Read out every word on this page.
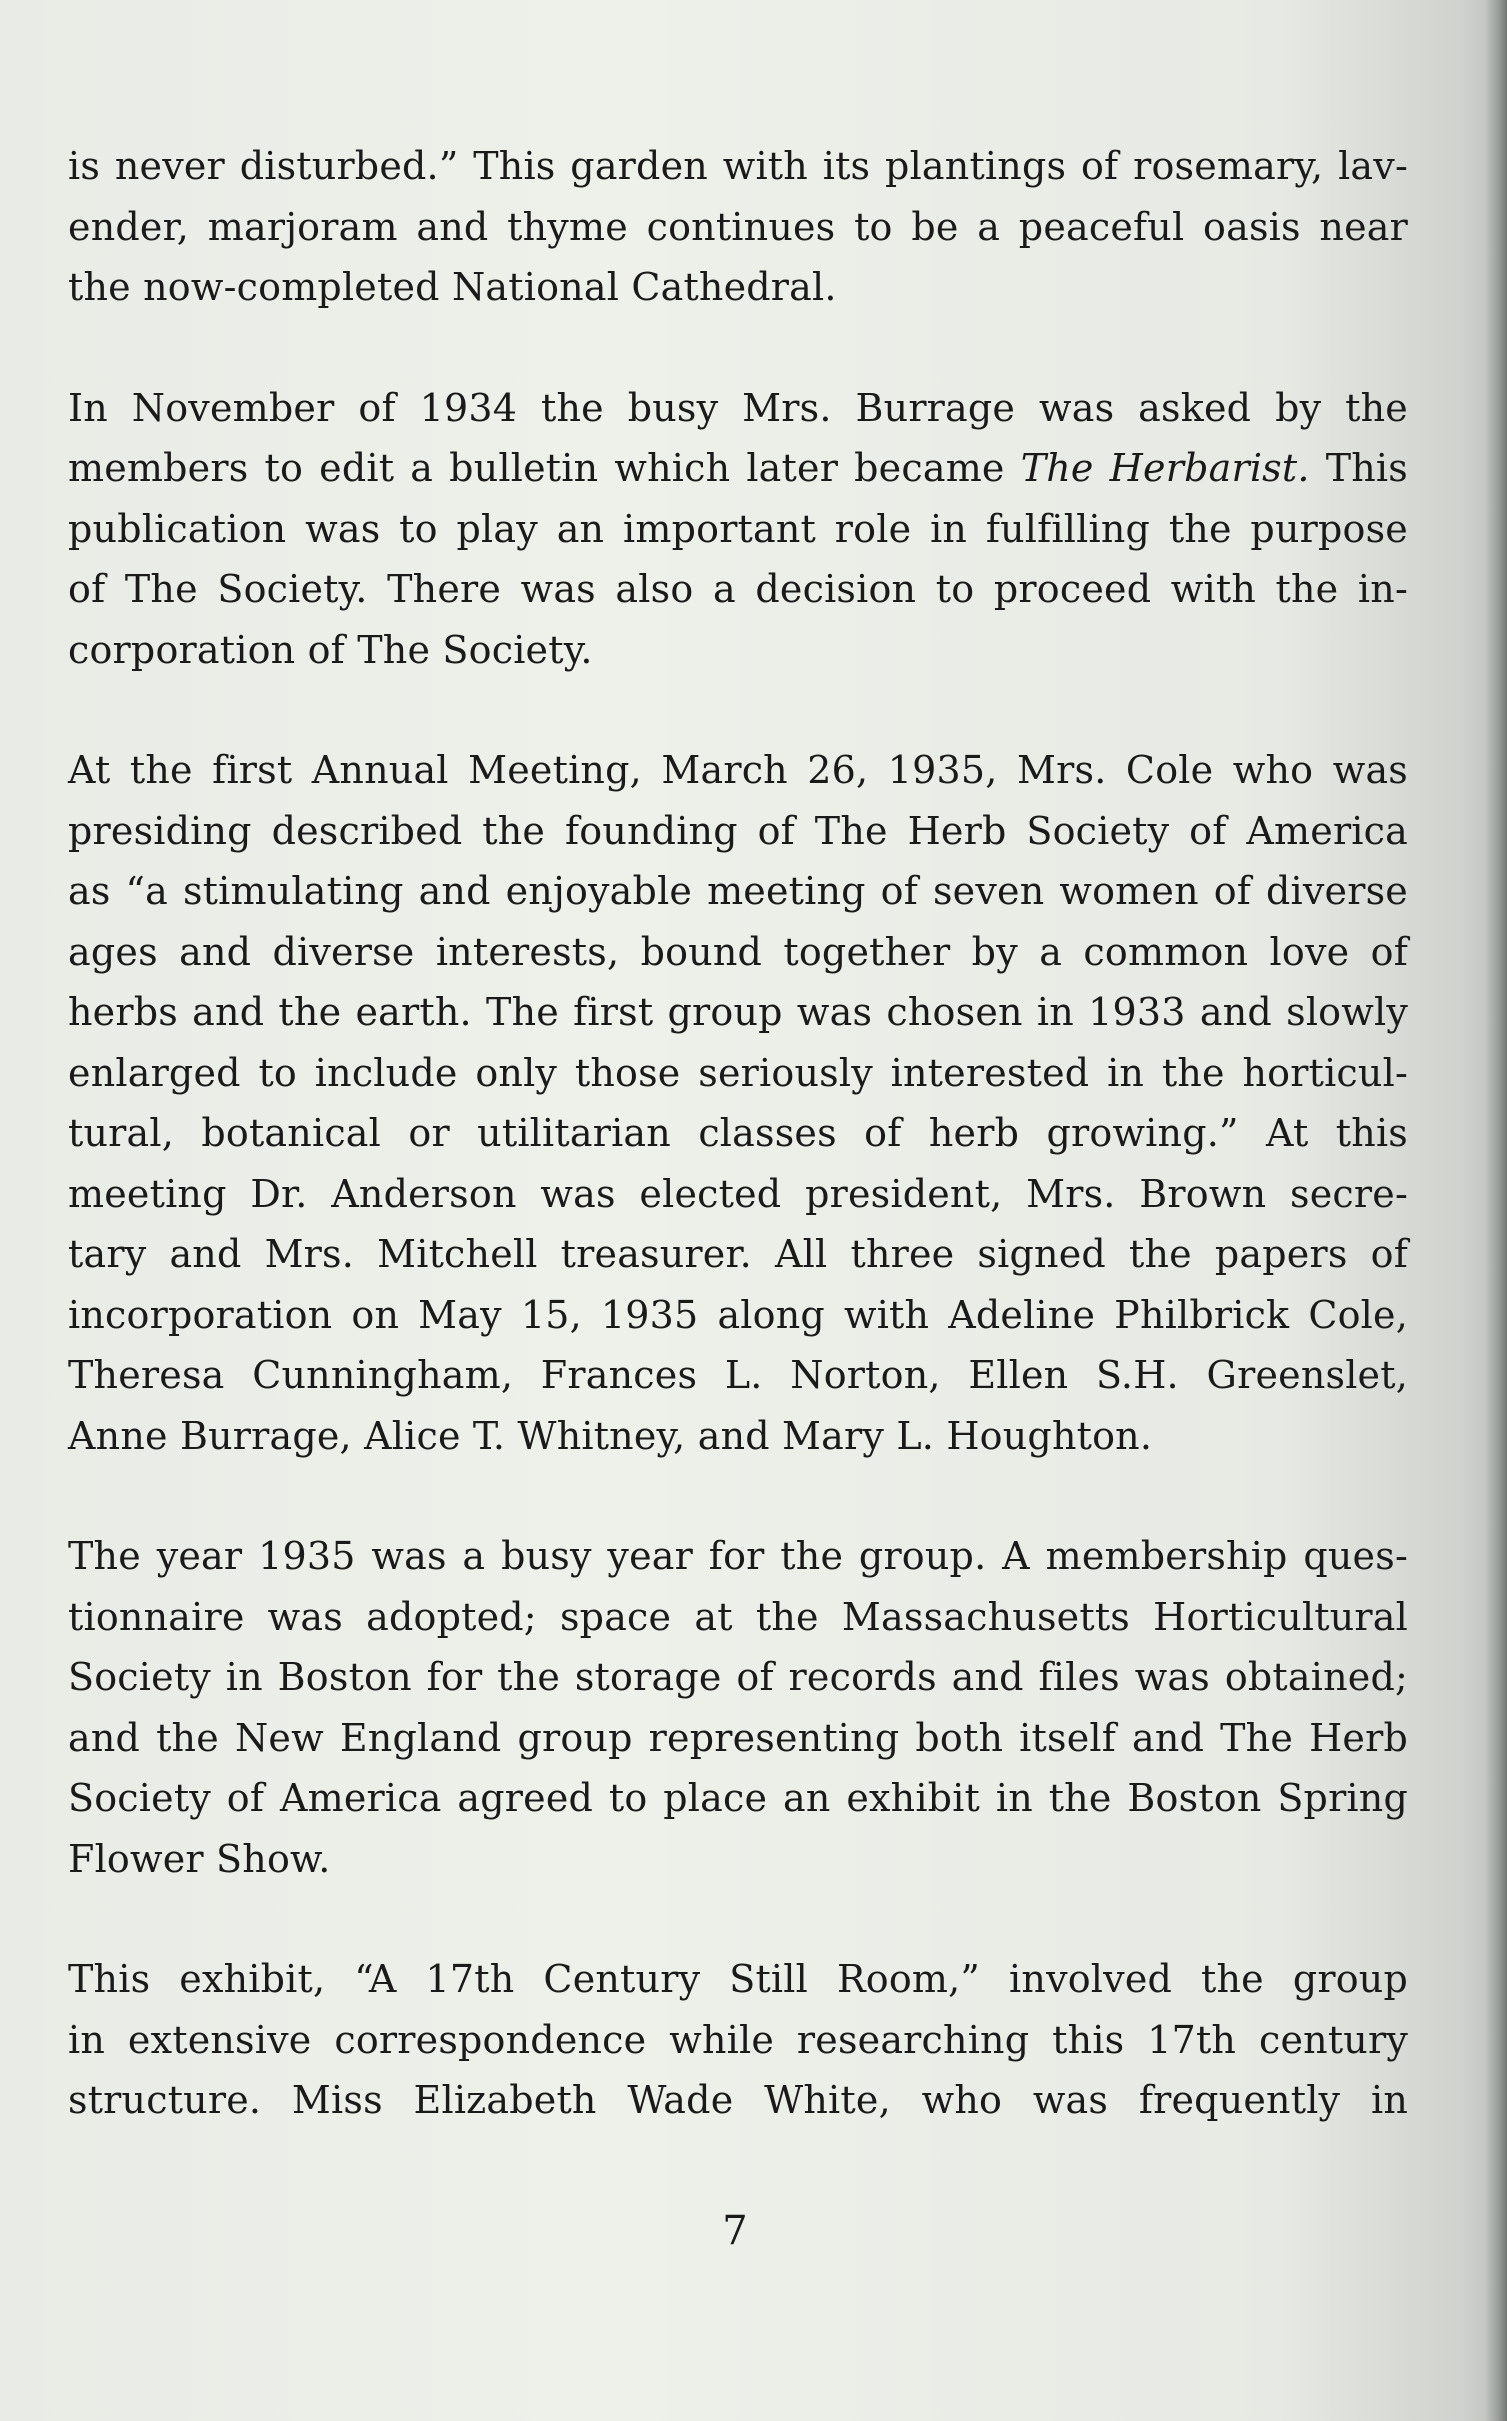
is never disturbed.” This garden with its plantings of rosemary, lav-
ender, marjoram and thyme continues to be a peaceful oasis near
the now-completed National Cathedral.

In November of 1934 the busy Mrs. Burrage was asked by the
members to edit a bulletin which later became The Herbarist. This
publication was to play an important role in fulfilling the purpose
of The Society. There was also a decision to proceed with the in-
corporation of The Society.

At the first Annual Meeting, March 26, 1935, Mrs. Cole who was
presiding described the founding of The Herb Society of America
as “a stimulating and enjoyable meeting of seven women of diverse
ages and diverse interests, bound together by a common love of
herbs and the earth. The first group was chosen in 1933 and slowly
enlarged to include only those seriously interested in the horticul-
tural, botanical or utilitarian classes of herb growing.” At this
meeting Dr. Anderson was elected president, Mrs. Brown secre-
tary and Mrs. Mitchell treasurer. All three signed the papers of
incorporation on May 15, 1935 along with Adeline Philbrick Cole,
Theresa Cunningham, Frances L. Norton, Ellen S.H. Greenslet,
Anne Burrage, Alice T. Whitney, and Mary L. Houghton.

The year 1935 was a busy year for the group. A membership ques-
tionnaire was adopted; space at the Massachusetts Horticultural
Society in Boston for the storage of records and files was obtained;
and the New England group representing both itself and The Herb
Society of America agreed to place an exhibit in the Boston Spring
Flower Show.

This exhibit, “A 17th Century Still Room,” involved the group
in extensive correspondence while researching this 17th century
structure. Miss Elizabeth Wade White, who was frequently in

7
